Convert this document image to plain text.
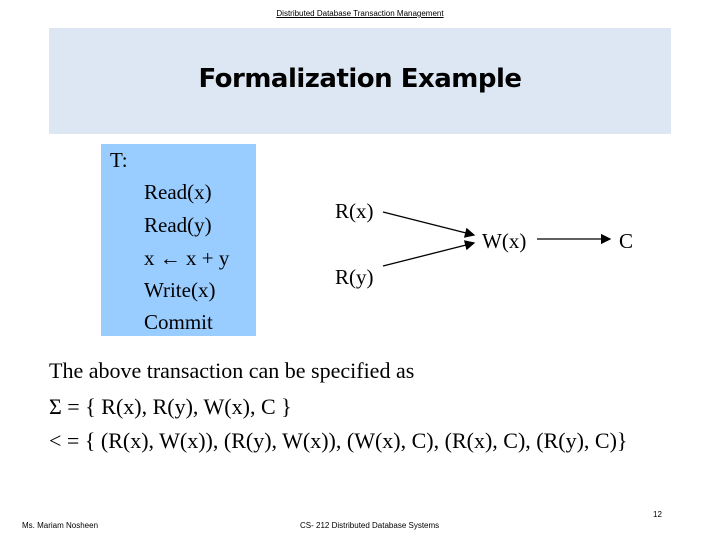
Distributed Database Transaction Management
Formalization Example
T:
Read(x)
Read(y)
x ← x + y
Write(x)
Commit
R(x)
R(y)
W(x)	C
The above transaction can be specified as
Σ = { R(x), R(y), W(x), C }
< = { (R(x), W(x)), (R(y), W(x)), (W(x), C), (R(x), C), (R(y), C)}
Ms. Mariam Nosheen	CS- 212 Distributed Database Systems
12
